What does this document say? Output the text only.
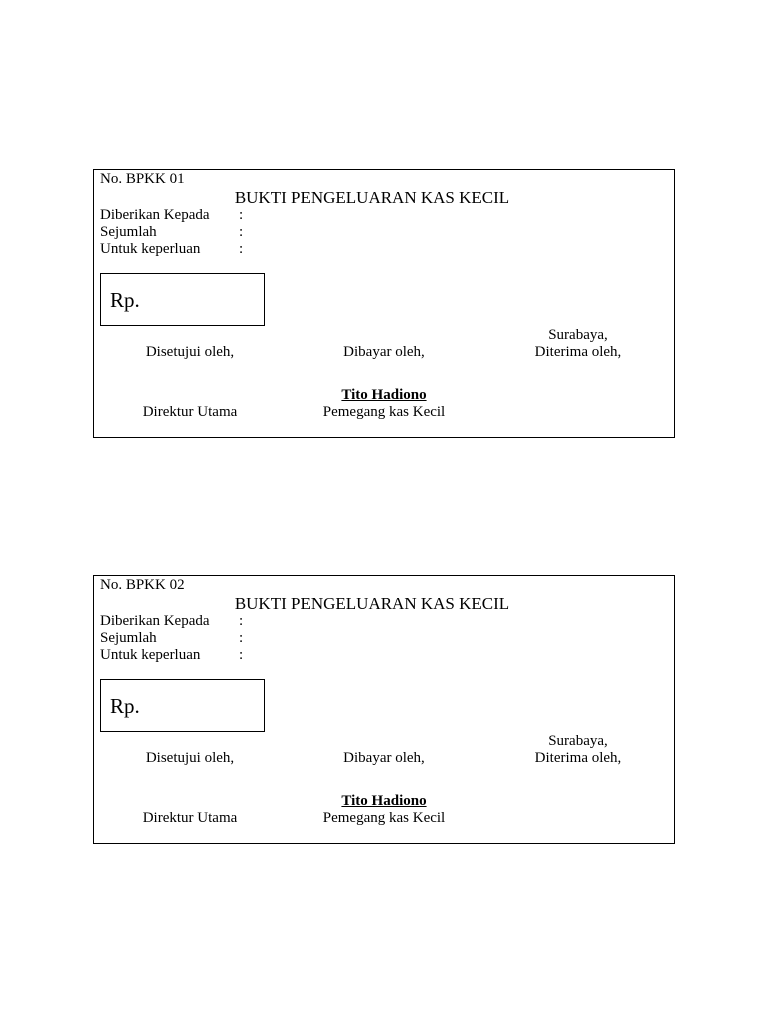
No. BPKK 01
BUKTI PENGELUARAN KAS KECIL
Diberikan Kepada :
Sejumlah	:
Untuk keperluan	:
Rp.
Surabaya,
Disetujui oleh,	Dibayar oleh,	Diterima oleh,
Tito Hadiono
Direktur Utama	Pemegang kas Kecil
No. BPKK 02
BUKTI PENGELUARAN KAS KECIL
Diberikan Kepada :
Sejumlah	:
Untuk keperluan	:
Rp.
Surabaya,
Disetujui oleh,	Dibayar oleh,	Diterima oleh,
Tito Hadiono
Direktur Utama	Pemegang kas Kecil
